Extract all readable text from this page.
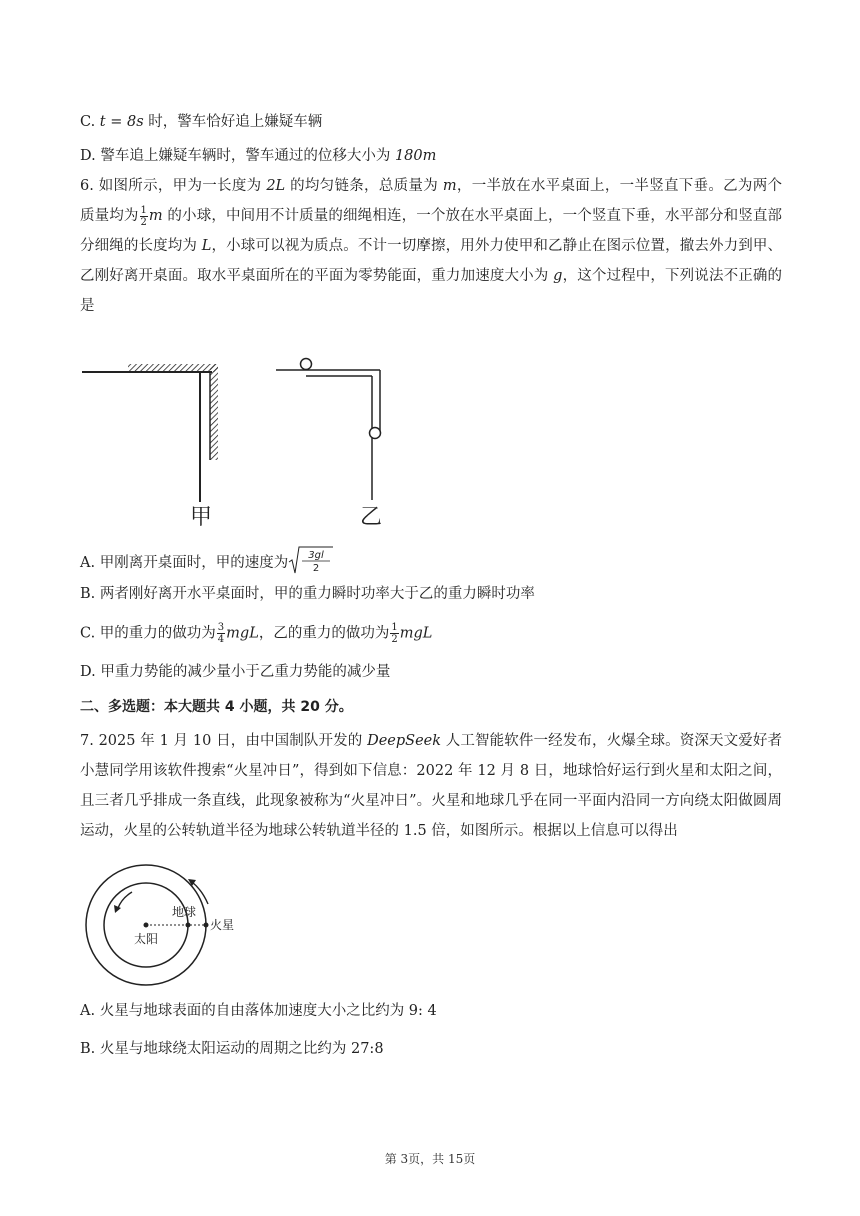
C. t = 8s 时，警车恰好追上嫌疑车辆
D. 警车追上嫌疑车辆时，警车通过的位移大小为 180m
6. 如图所示，甲为一长度为 2L 的均匀链条，总质量为 m，一半放在水平桌面上，一半竖直下垂。乙为两个质量均为 $\frac{1}{2}$ m 的小球，中间用不计质量的细绳相连，一个放在水平桌面上，一个竖直下垂，水平部分和竖直部分细绳的长度均为 L，小球可以视为质点。不计一切摩擦，用外力使甲和乙静止在图示位置，撤去外力到甲、乙刚好离开桌面。取水平桌面所在的平面为零势能面，重力加速度大小为 g，这个过程中，下列说法不正确的是
甲	乙
A. 甲刚离开桌面时，甲的速度为 3gl
2
B. 两者刚好离开水平桌面时，甲的重力瞬时功率大于乙的重力瞬时功率
C. 甲的重力的做功为 $\frac{3}{4}$ mgL，乙的重力的做功为 $\frac{1}{2}$ mgL
D. 甲重力势能的减少量小于乙重力势能的减少量
二、多选题：本大题共 4 小题，共 20 分。
7. 2025 年 1 月 10 日，由中国制队开发的 DeepSeek 人工智能软件一经发布，火爆全球。资深天文爱好者小慧同学用该软件搜索“火星冲日”，得到如下信息：2022 年 12 月 8 日，地球恰好运行到火星和太阳之间，且三者几乎排成一条直线，此现象被称为“火星冲日”。火星和地球几乎在同一平面内沿同一方向绕太阳做圆周运动，火星的公转轨道半径为地球公转轨道半径的 1.5 倍，如图所示。根据以上信息可以得出
地球
太阳
火星
A. 火星与地球表面的自由落体加速度大小之比约为 9: 4
B. 火星与地球绕太阳运动的周期之比约为 27:8
第 3页，共 15页
